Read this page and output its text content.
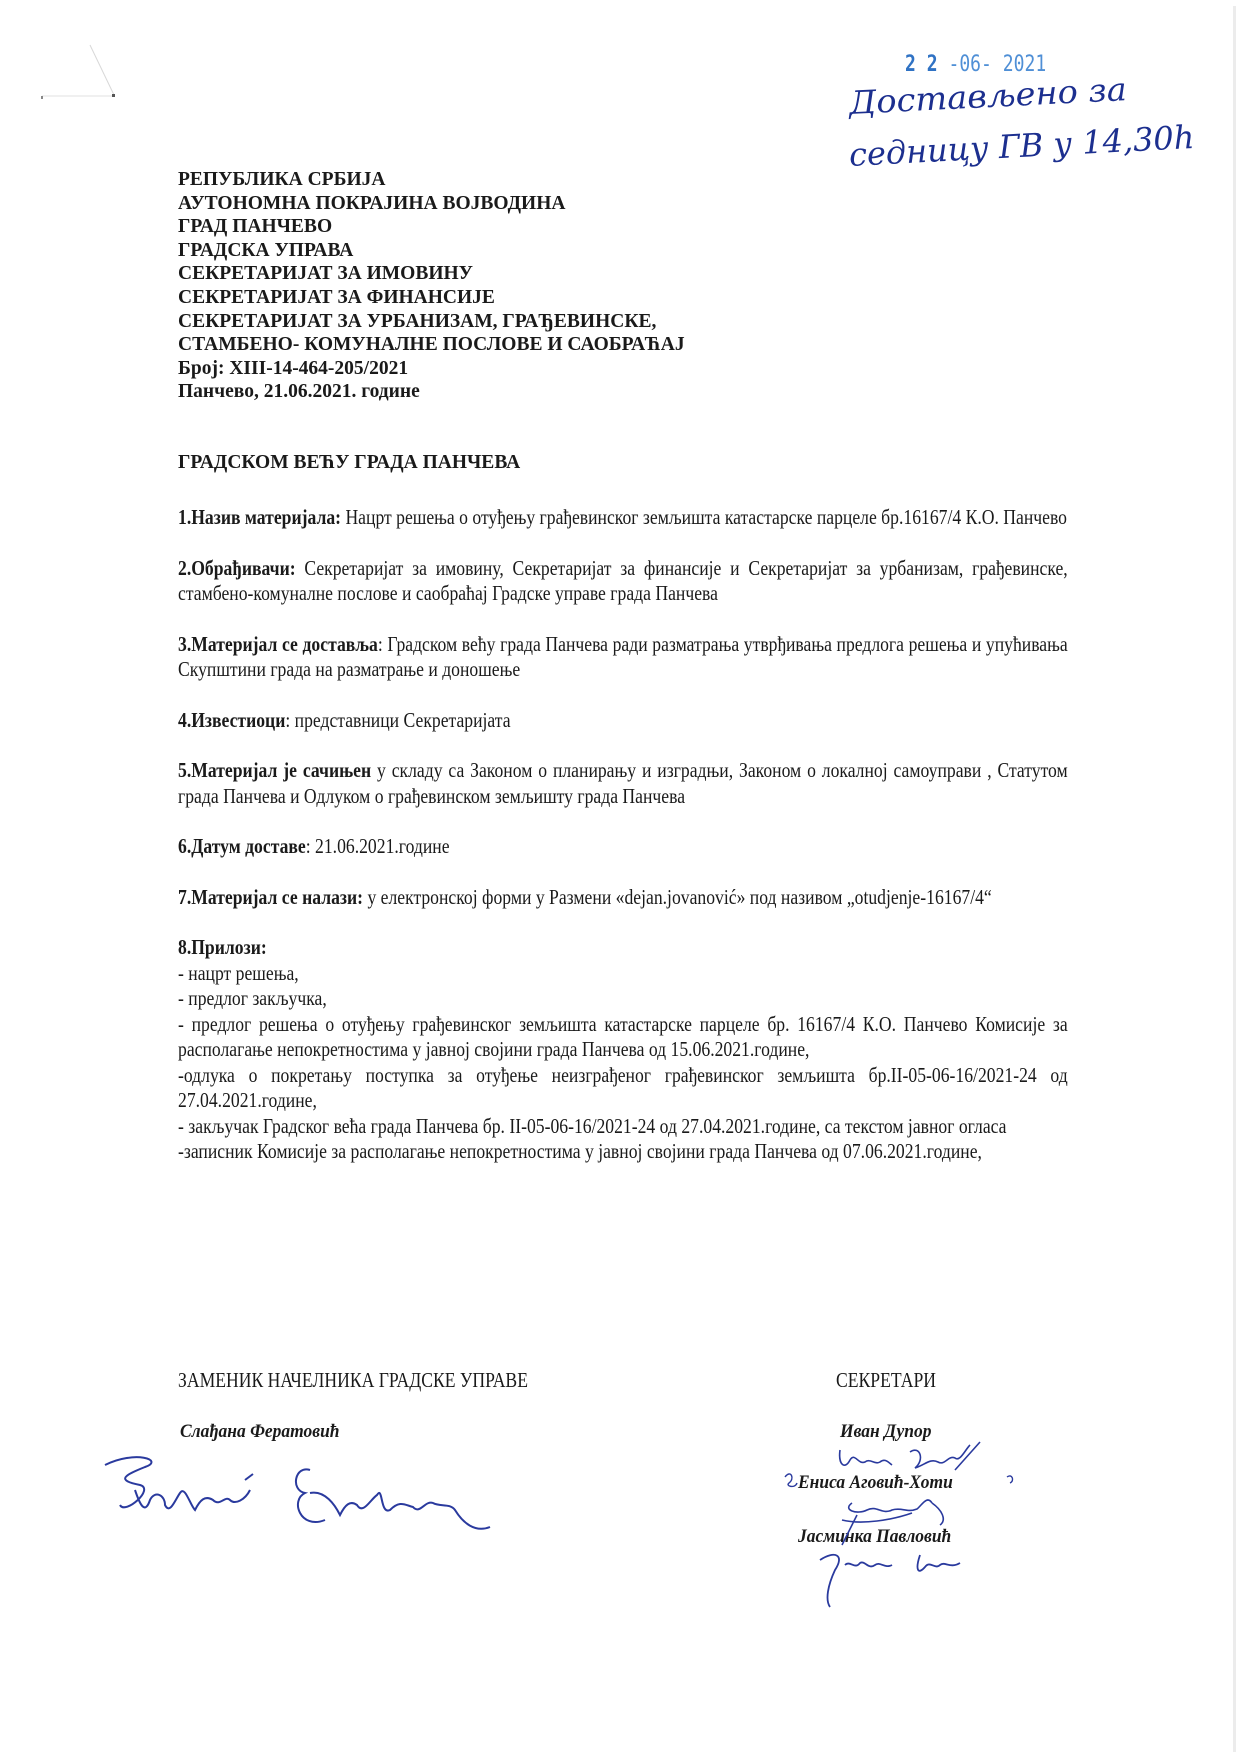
2 2 -06- 2021
Достављено за
седницу ГВ у 14,30h
РЕПУБЛИКА СРБИЈА
АУТОНОМНА ПОКРАЈИНА ВОЈВОДИНА
ГРАД ПАНЧЕВО
ГРАДСКА УПРАВА
СЕКРЕТАРИЈАТ ЗА ИМОВИНУ
СЕКРЕТАРИЈАТ ЗА ФИНАНСИЈЕ
СЕКРЕТАРИЈАТ ЗА УРБАНИЗАМ, ГРАЂЕВИНСКЕ,
СТАМБЕНО- КОМУНАЛНЕ ПОСЛОВЕ И САОБРАЋАЈ
Број: XIII-14-464-205/2021
Панчево, 21.06.2021. године
ГРАДСКОМ ВЕЋУ ГРАДА ПАНЧЕВА
1.Назив материјала: Нацрт решења о отуђењу грађевинског земљишта катастарске парцеле бр.16167/4 К.О. Панчево
2.Обрађивачи: Секретаријат за имовину, Секретаријат за финансије и Секретаријат за урбанизам, грађевинске, стамбено-комуналне послове и саобраћај Градске управе града Панчева
3.Материјал се доставља: Градском већу града Панчева ради разматрања утврђивања предлога решења и упућивања Скупштини града на разматрање и доношење
4.Известиоци: представници Секретаријата
5.Материјал је сачињен у складу са Законом о планирању и изградњи, Законом о локалној самоуправи , Статутом града Панчева и Одлуком о грађевинском земљишту града Панчева
6.Датум доставе: 21.06.2021.године
7.Материјал се налази: у електронској форми у Размени «dejan.jovanović» под називом „otudjenje-16167/4“
8.Прилози:
- нацрт решења,
- предлог закључка,
- предлог решења о отуђењу грађевинског земљишта катастарске парцеле бр. 16167/4 К.О. Панчево Комисије за располагање непокретностима у јавној својини града Панчева од 15.06.2021.године,
-одлука о покретању поступка за отуђење неизграђеног грађевинског земљишта бр.II-05-06-16/2021-24 од 27.04.2021.године,
- закључак Градског већа града Панчева бр. II-05-06-16/2021-24 од 27.04.2021.године, са текстом јавног огласа
-записник Комисије за располагање непокретностима у јавној својини града Панчева од 07.06.2021.године,
ЗАМЕНИК НАЧЕЛНИКА ГРАДСКЕ УПРАВЕ	СЕКРЕТАРИ
Слађана Фератовић	Иван Дупор
Ениса Аговић-Хоти
Јасминка Павловић
